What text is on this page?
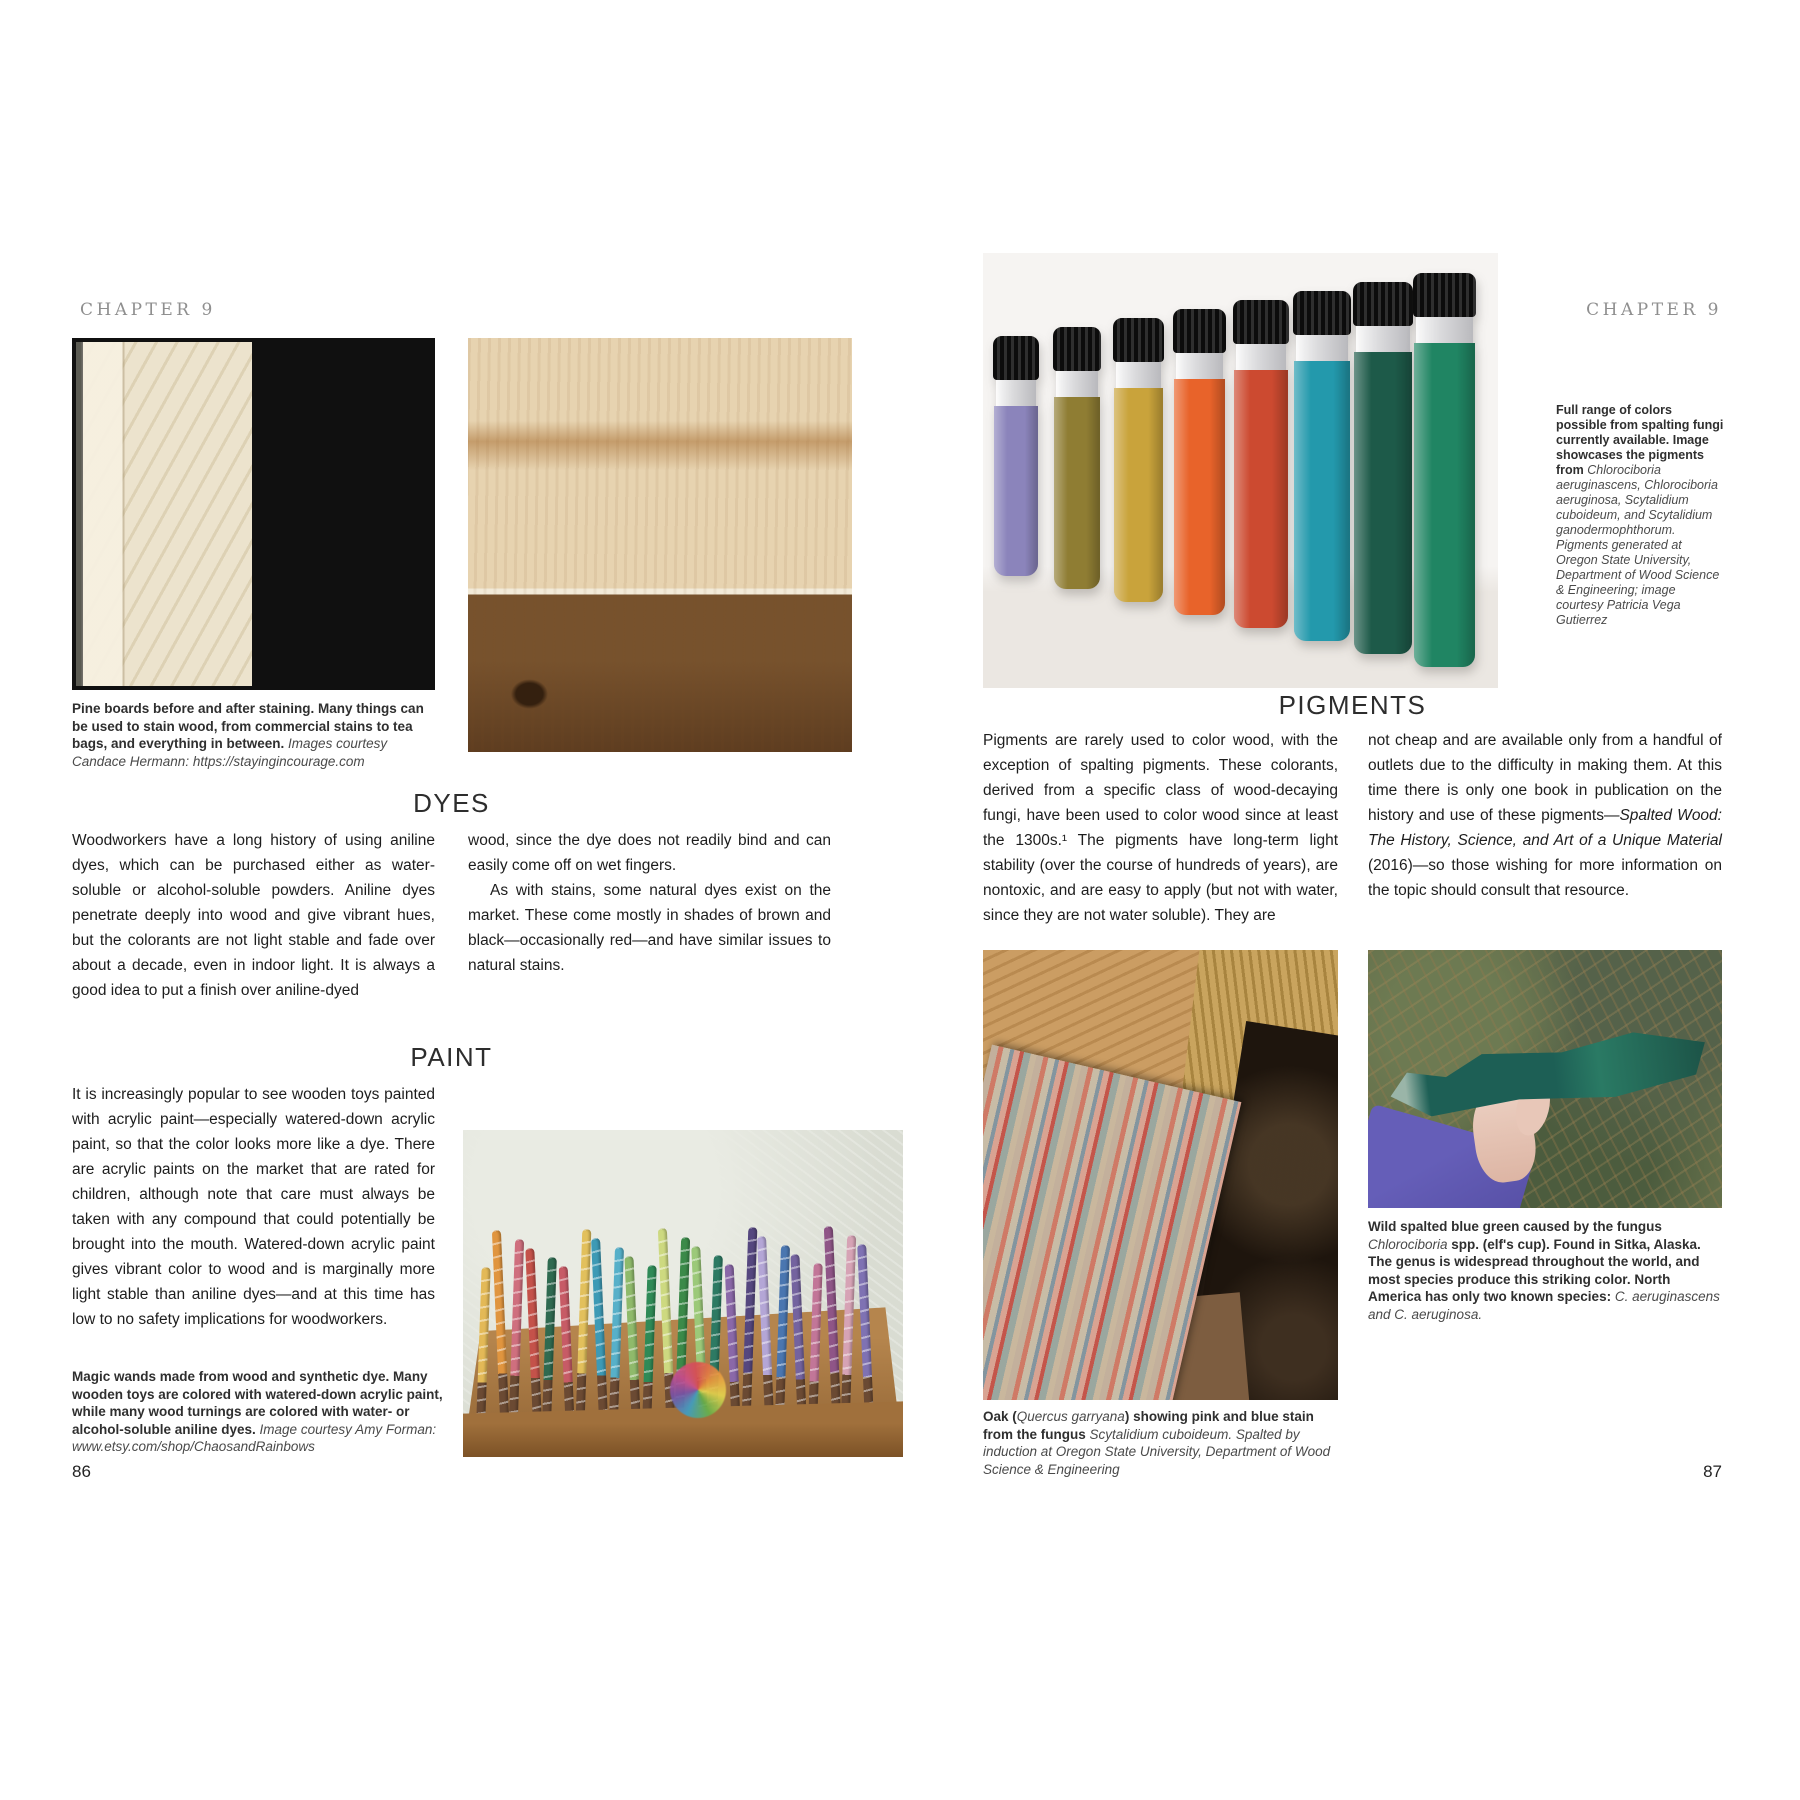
CHAPTER 9
Pine boards before and after staining. Many things can be used to stain wood, from commercial stains to tea bags, and everything in between. Images courtesy Candace Hermann: https://stayingincourage.com
DYES
Woodworkers have a long history of using aniline dyes, which can be purchased either as water-soluble or alcohol-soluble powders. Aniline dyes penetrate deeply into wood and give vibrant hues, but the colorants are not light stable and fade over about a decade, even in indoor light. It is always a good idea to put a finish over aniline-dyed

wood, since the dye does not readily bind and can easily come off on wet fingers.

As with stains, some natural dyes exist on the market. These come mostly in shades of brown and black—occasionally red—and have similar issues to natural stains.

PAINT
It is increasingly popular to see wooden toys painted with acrylic paint—especially watered-down acrylic paint, so that the color looks more like a dye. There are acrylic paints on the market that are rated for children, although note that care must always be taken with any compound that could potentially be brought into the mouth. Watered-down acrylic paint gives vibrant color to wood and is marginally more light stable than aniline dyes—and at this time has low to no safety implications for woodworkers.
Magic wands made from wood and synthetic dye. Many wooden toys are colored with watered-down acrylic paint, while many wood turnings are colored with water- or alcohol-soluble aniline dyes. Image courtesy Amy Forman: www.etsy.com/shop/ChaosandRainbows
86
CHAPTER 9
Full range of colors possible from spalting fungi currently available. Image showcases the pigments from Chlorociboria aeruginascens, Chlorociboria aeruginosa, Scytalidium cuboideum, and Scytalidium ganodermophthorum. Pigments generated at Oregon State University, Department of Wood Science & Engineering; image courtesy Patricia Vega Gutierrez
PIGMENTS
Pigments are rarely used to color wood, with the exception of spalting pigments. These colorants, derived from a specific class of wood-decaying fungi, have been used to color wood since at least the 1300s.¹ The pigments have long-term light stability (over the course of hundreds of years), are nontoxic, and are easy to apply (but not with water, since they are not water soluble). They are
not cheap and are available only from a handful of outlets due to the difficulty in making them. At this time there is only one book in publication on the history and use of these pigments—Spalted Wood: The History, Science, and Art of a Unique Material (2016)—so those wishing for more information on the topic should consult that resource.
Wild spalted blue green caused by the fungus Chlorociboria spp. (elf's cup). Found in Sitka, Alaska. The genus is widespread throughout the world, and most species produce this striking color. North America has only two known species: C. aeruginascens and C. aeruginosa.
Oak (Quercus garryana) showing pink and blue stain from the fungus Scytalidium cuboideum. Spalted by induction at Oregon State University, Department of Wood Science & Engineering	87
